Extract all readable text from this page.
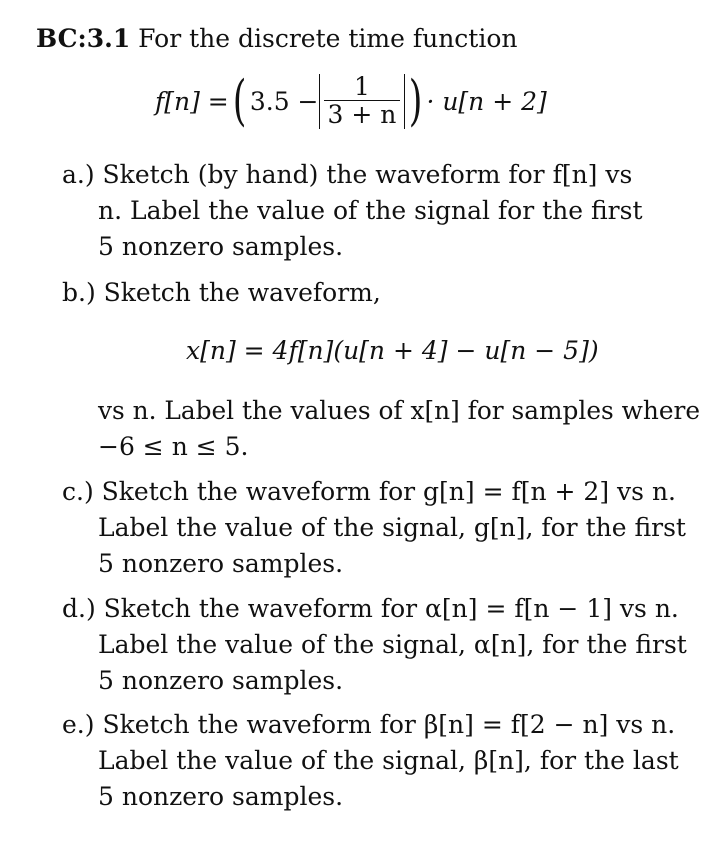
BC:3.1 For the discrete time function
f[n] = ( $3.5 - \frac{1}{3 + n}$ ) · u[n + 2]
a.) Sketch (by hand) the waveform for f[n] vs
n. Label the value of the signal for the first
5 nonzero samples.
b.) Sketch the waveform,
x[n] = 4f[n](u[n + 4] − u[n − 5])
vs n. Label the values of x[n] for samples where
−6 ≤ n ≤ 5.
c.) Sketch the waveform for g[n] = f[n + 2] vs n.
Label the value of the signal, g[n], for the first
5 nonzero samples.
d.) Sketch the waveform for α[n] = f[n − 1] vs n.
Label the value of the signal, α[n], for the first
5 nonzero samples.
e.) Sketch the waveform for β[n] = f[2 − n] vs n.
Label the value of the signal, β[n], for the last
5 nonzero samples.
